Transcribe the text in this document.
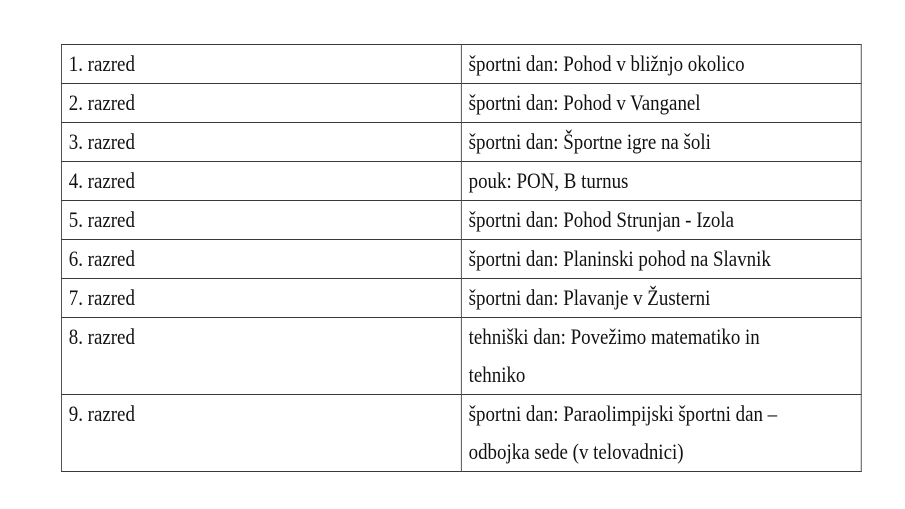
1. razred	športni dan: Pohod v bližnjo okolico

2. razred	športni dan: Pohod v Vanganel

3. razred	športni dan: Športne igre na šoli

4. razred	pouk: PON, B turnus

5. razred	športni dan: Pohod Strunjan - Izola

6. razred	športni dan: Planinski pohod na Slavnik

7. razred	športni dan: Plavanje v Žusterni

8. razred	tehniški dan: Povežimo matematiko in
tehniko

9. razred	športni dan: Paraolimpijski športni dan –
odbojka sede (v telovadnici)
